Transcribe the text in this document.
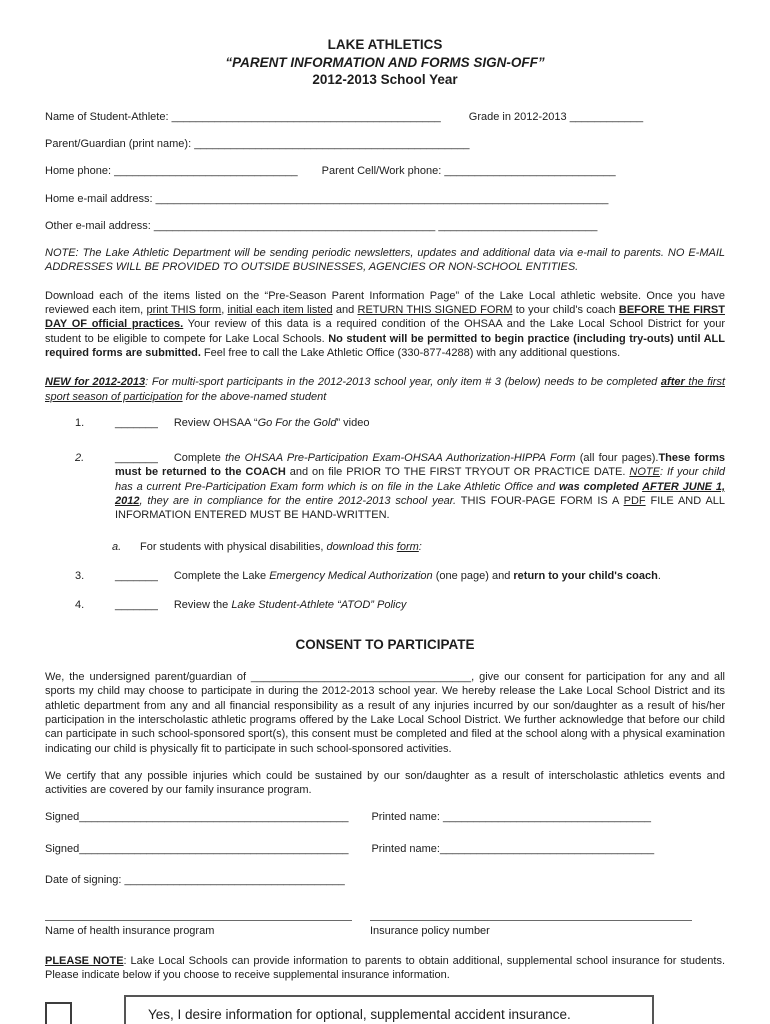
LAKE ATHLETICS
“PARENT INFORMATION AND FORMS SIGN-OFF”
2012-2013 School Year
Name of Student-Athlete: ____________________________________________	Grade in 2012-2013 ____________
Parent/Guardian (print name): _____________________________________________
Home phone: ______________________________ Parent Cell/Work phone: ____________________________
Home e-mail address: __________________________________________________________________________
Other e-mail address: ______________________________________________ __________________________

NOTE: The Lake Athletic Department will be sending periodic newsletters, updates and additional data via e-mail to parents. NO E-MAIL ADDRESSES WILL BE PROVIDED TO OUTSIDE BUSINESSES, AGENCIES OR NON-SCHOOL ENTITIES.

Download each of the items listed on the “Pre-Season Parent Information Page” of the Lake Local athletic website. Once you have reviewed each item, print THIS form, initial each item listed and RETURN THIS SIGNED FORM to your child's coach BEFORE THE FIRST DAY OF official practices. Your review of this data is a required condition of the OHSAA and the Lake Local School District for your student to be eligible to compete for Lake Local Schools. No student will be permitted to begin practice (including try-outs) until ALL required forms are submitted. Feel free to call the Lake Athletic Office (330-877-4288) with any additional questions.

NEW for 2012-2013: For multi-sport participants in the 2012-2013 school year, only item # 3 (below) needs to be completed after the first sport season of participation for the above-named student

1.	_______ Review OHSAA “Go For the Gold” video
2.	_______ Complete the OHSAA Pre-Participation Exam-OHSAA Authorization-HIPPA Form (all four pages).These forms must be returned to the COACH and on file PRIOR TO THE FIRST TRYOUT OR PRACTICE DATE. NOTE: If your child has a current Pre-Participation Exam form which is on file in the Lake Athletic Office and was completed AFTER JUNE 1, 2012, they are in compliance for the entire 2012-2013 school year. THIS FOUR-PAGE FORM IS A PDF FILE AND ALL INFORMATION ENTERED MUST BE HAND-WRITTEN.
a.	For students with physical disabilities, download this form:
3.	_______ Complete the Lake Emergency Medical Authorization (one page) and return to your child's coach.
4.	_______ Review the Lake Student-Athlete “ATOD” Policy
CONSENT TO PARTICIPATE

We, the undersigned parent/guardian of ____________________________________, give our consent for participation for any and all sports my child may choose to participate in during the 2012-2013 school year. We hereby release the Lake Local School District and its athletic department from any and all financial responsibility as a result of any injuries incurred by our son/daughter as a result of his/her participation in the interscholastic athletic programs offered by the Lake Local School District. We further acknowledge that before our child can participate in such school-sponsored sport(s), this consent must be completed and filed at the school along with a physical examination indicating our child is physically fit to participate in such school-sponsored activities.

We certify that any possible injuries which could be sustained by our son/daughter as a result of interscholastic athletics events and activities are covered by our family insurance program.

Signed____________________________________________ Printed name: __________________________________
Signed____________________________________________ Printed name:___________________________________
Date of signing: ____________________________________
Name of health insurance program	Insurance policy number

PLEASE NOTE: Lake Local Schools can provide information to parents to obtain additional, supplemental school insurance for students. Please indicate below if you choose to receive supplemental insurance information.

Yes, I desire information for optional, supplemental accident insurance.
